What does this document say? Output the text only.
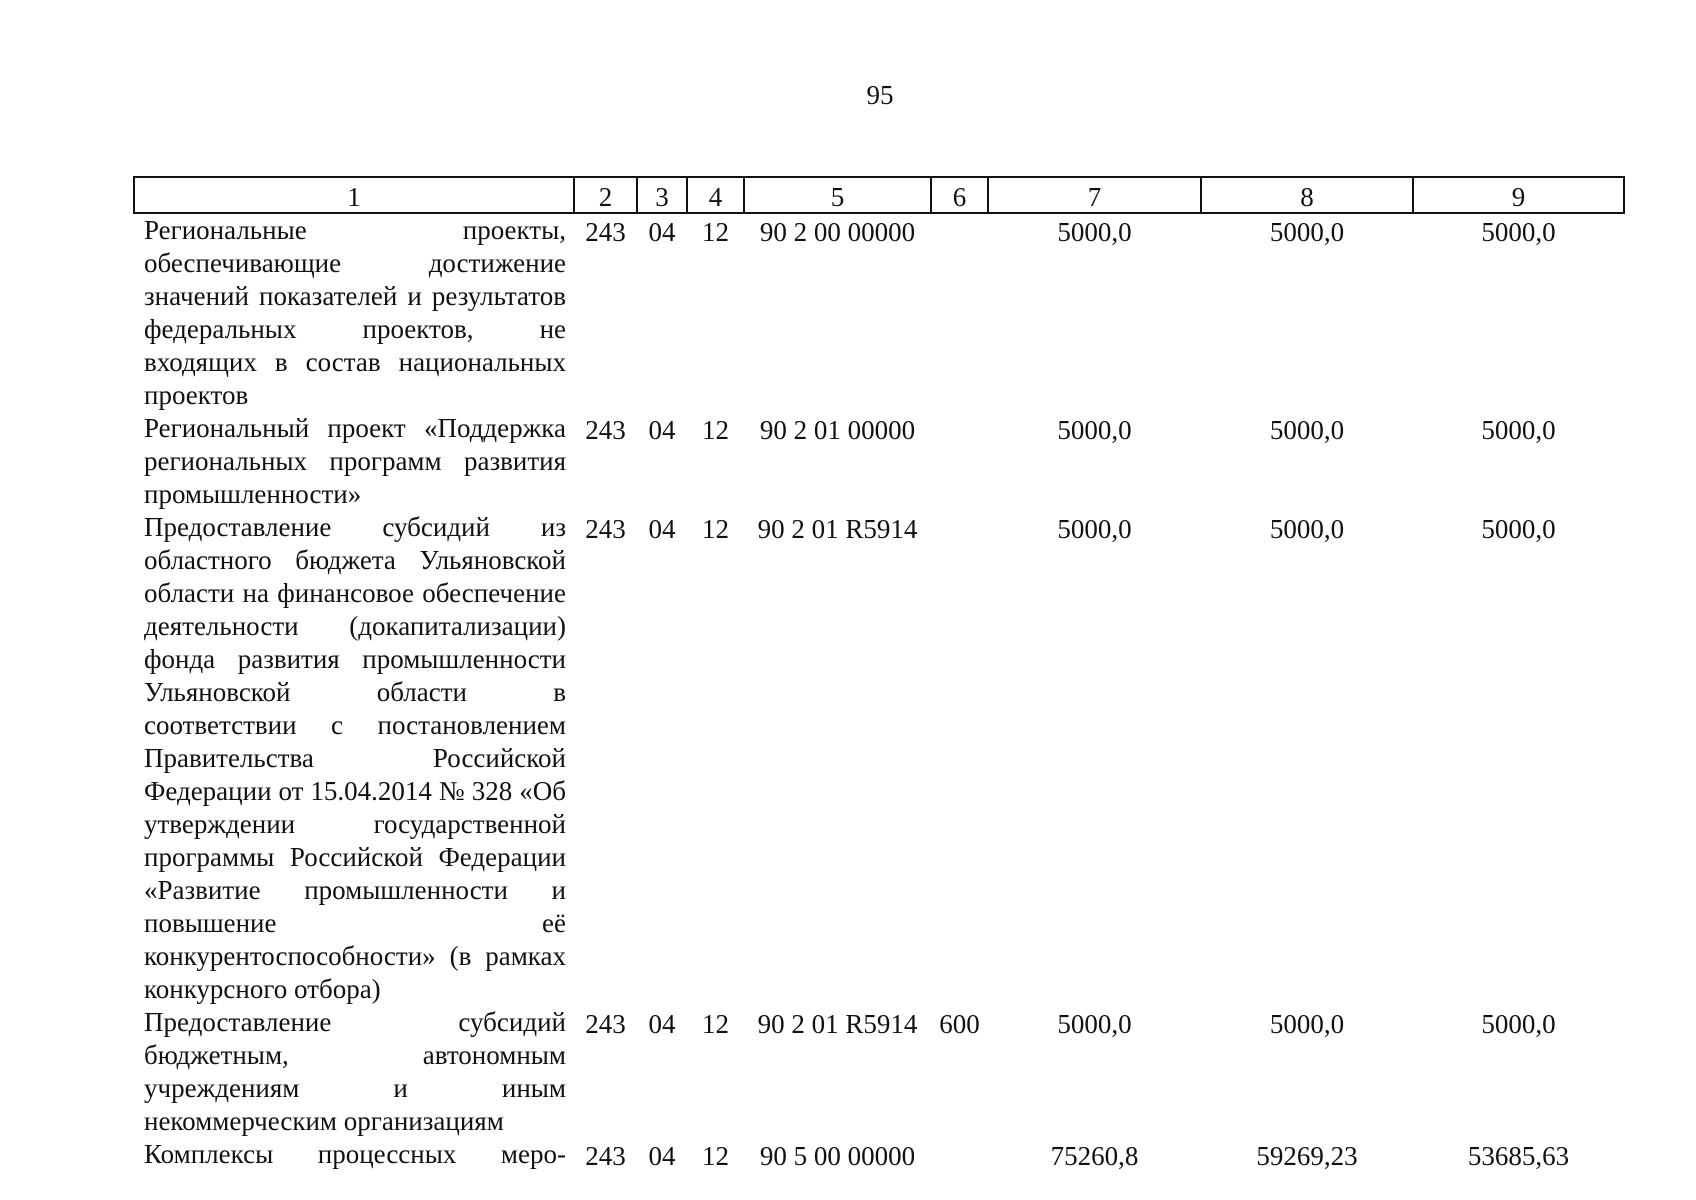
95
1	2	3	4	5	6	7	8	9
Региональные проекты, обеспечивающие достижение значений показателей и результатов федеральных проектов, не входящих в состав национальных проектов	243	04	12	90 2 00 00000		5000,0	5000,0	5000,0
Региональный проект «Поддержка региональных программ развития промышленности»	243	04	12	90 2 01 00000		5000,0	5000,0	5000,0
Предоставление субсидий из областного бюджета Ульяновской области на финансовое обеспечение деятельности (докапитализации) фонда развития промышленности Ульяновской области в соответствии с постановлением Правительства Российской Федерации от 15.04.2014 № 328 «Об утверждении государственной программы Российской Федерации «Развитие промышленности и повышение её конкурентоспособности» (в рамках конкурсного отбора)	243	04	12	90 2 01 R5914		5000,0	5000,0	5000,0
Предоставление субсидий бюджетным, автономным учреждениям и иным некоммерческим организациям	243	04	12	90 2 01 R5914	600	5000,0	5000,0	5000,0
Комплексы процессных меро-	243	04	12	90 5 00 00000		75260,8	59269,23	53685,63
